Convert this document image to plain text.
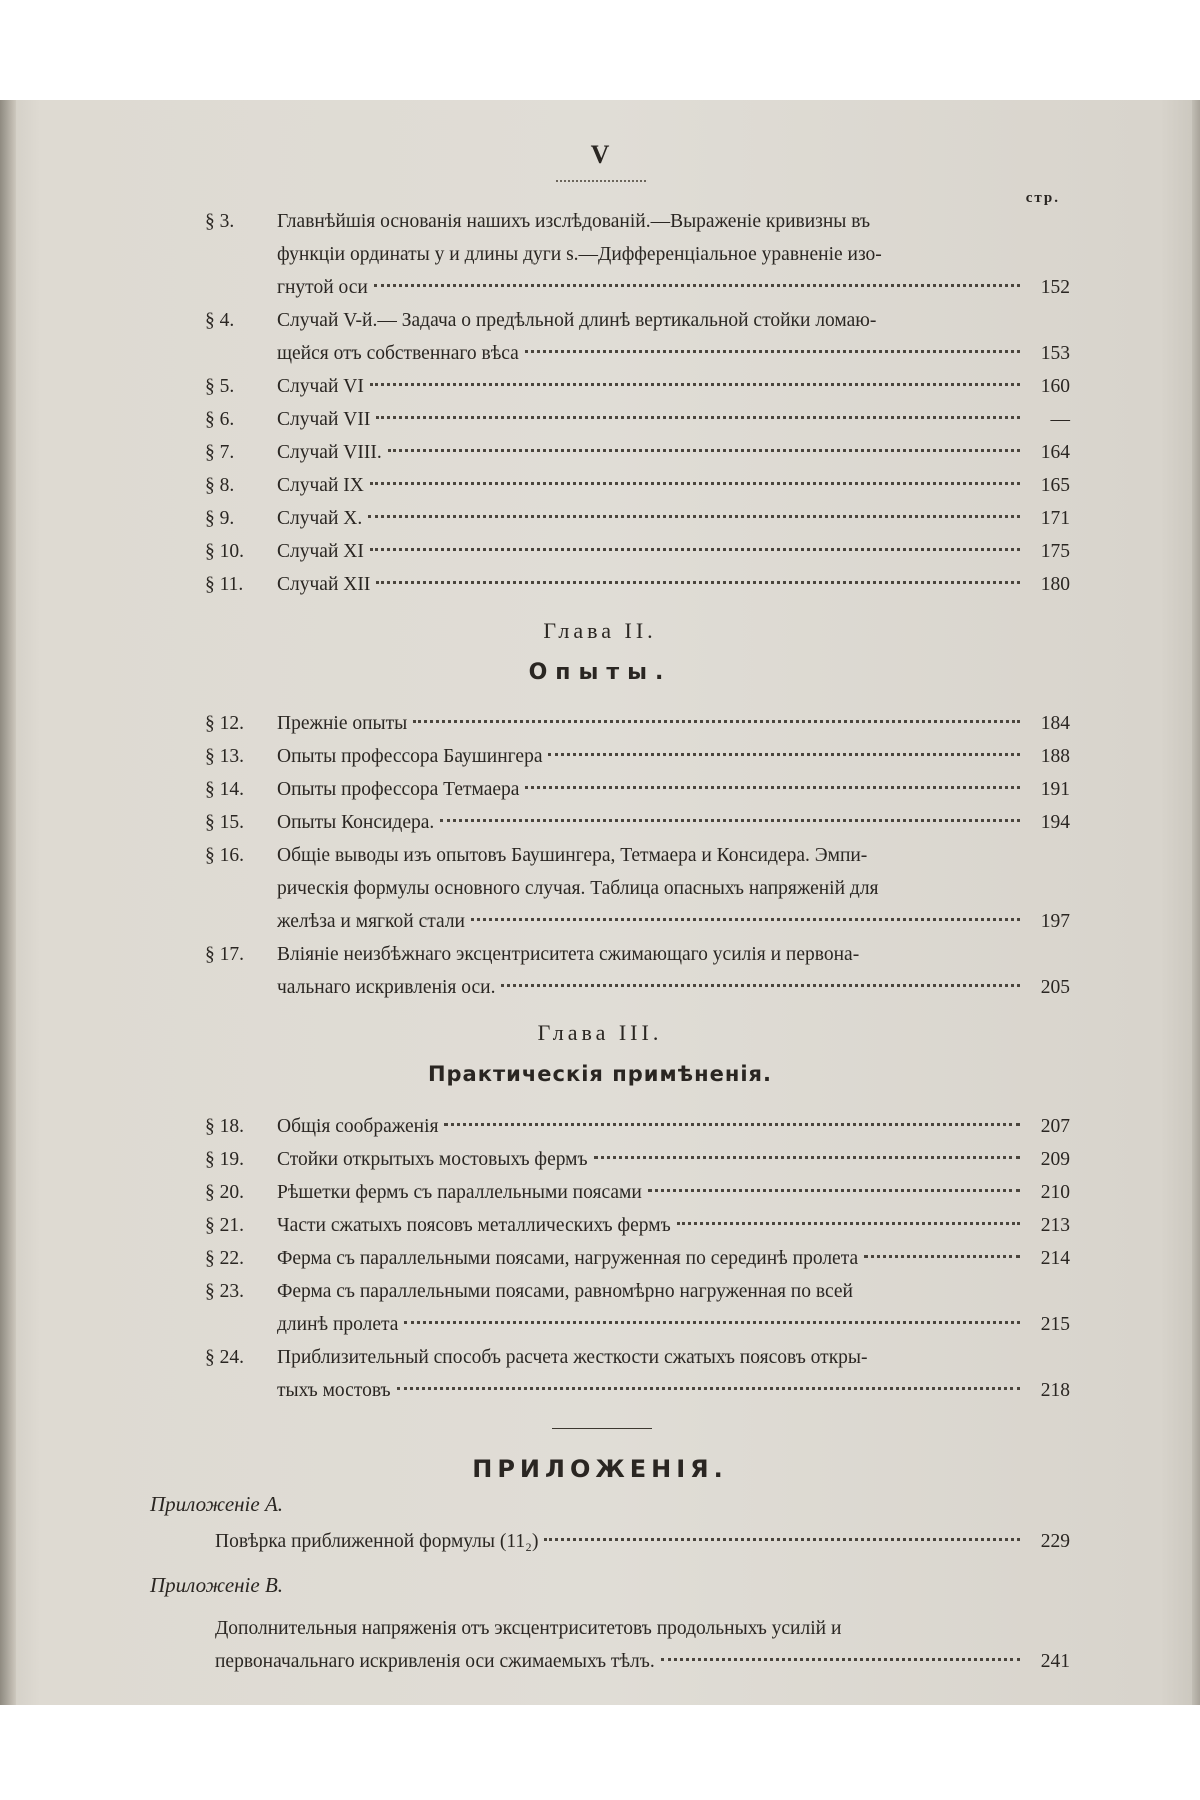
V
стр.
§ 3.	Главнѣйшія основанія нашихъ изслѣдованій.—Выраженіе кривизны въ
функціи ординаты y и длины дуги s.—Дифференціальное уравненіе изо-
гнутой оси	152
§ 4.	Случай V-й.— Задача о предѣльной длинѣ вертикальной стойки ломаю-
щейся отъ собственнаго вѣса	153
§ 5.	Случай VI	160
§ 6.	Случай VII	—
§ 7.	Случай VIII.	164
§ 8.	Случай IX	165
§ 9.	Случай X.	171
§ 10.	Случай XI	175
§ 11.	Случай XII	180
Глава II.
Опыты.
§ 12.	Прежніе опыты	184
§ 13.	Опыты профессора Баушингера	188
§ 14.	Опыты профессора Тетмаера	191
§ 15.	Опыты Консидера.	194
§ 16.	Общіе выводы изъ опытовъ Баушингера, Тетмаера и Консидера. Эмпи-
рическія формулы основного случая. Таблица опасныхъ напряженій для
желѣза и мягкой стали	197
§ 17.	Вліяніе неизбѣжнаго эксцентриситета сжимающаго усилія и первона-
чальнаго искривленія оси.	205
Глава III.
Практическія примѣненія.
§ 18.	Общія соображенія	207
§ 19.	Стойки открытыхъ мостовыхъ фермъ	209
§ 20.	Рѣшетки фермъ съ параллельными поясами	210
§ 21.	Части сжатыхъ поясовъ металлическихъ фермъ	213
§ 22.	Ферма съ параллельными поясами, нагруженная по серединѣ пролета	214
§ 23.	Ферма съ параллельными поясами, равномѣрно нагруженная по всей
длинѣ пролета	215
§ 24.	Приблизительный способъ расчета жесткости сжатыхъ поясовъ откры-
тыхъ мостовъ	218
ПРИЛОЖЕНІЯ.
Приложеніе А.
Повѣрка приближенной формулы (11₂)	229
Приложеніе В.
Дополнительныя напряженія отъ эксцентриситетовъ продольныхъ усилій и
первоначальнаго искривленія оси сжимаемыхъ тѣлъ.	241
